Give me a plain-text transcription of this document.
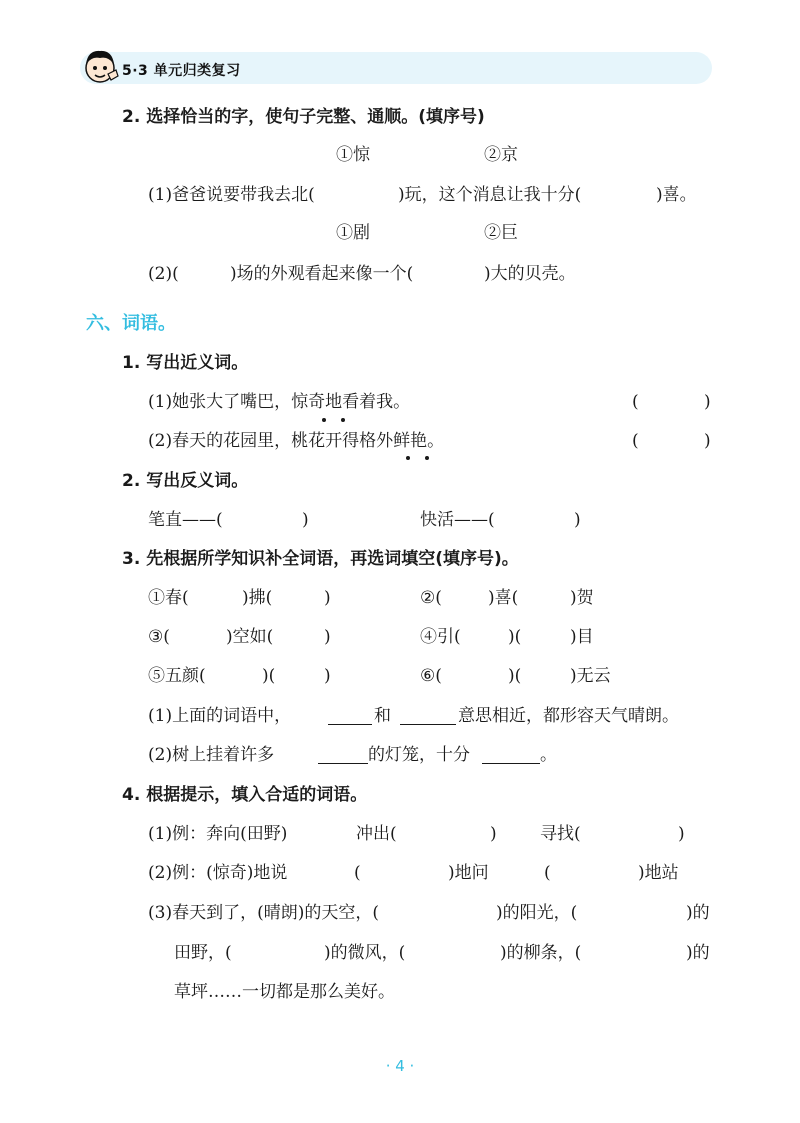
5·3 单元归类复习
2. 选择恰当的字，使句子完整、通顺。(填序号)
①惊	②京
(1)爸爸说要带我去北(	)玩，这个消息让我十分(	)喜。
①剧	②巨
(2)(	)场的外观看起来像一个(	)大的贝壳。
六、词语。
1. 写出近义词。
(1)她张大了嘴巴，惊奇地看着我。	(	)
(2)春天的花园里，桃花开得格外鲜艳。	(	)
2. 写出反义词。
笔直——(	)	快活——(	)
3. 先根据所学知识补全词语，再选词填空(填序号)。
①春(	)拂(	)	②(	)喜(	)贺
③(	)空如(	)	④引(	)(	)目
⑤五颜(	)(	)	⑥(	)(	)无云
(1)上面的词语中，	和	意思相近，都形容天气晴朗。
(2)树上挂着许多	的灯笼，十分	。
4. 根据提示，填入合适的词语。
(1)例：奔向(田野)	冲出(	)	寻找(	)
(2)例：(惊奇)地说	(	)地问	(	)地站
(3)春天到了，(晴朗)的天空，(	)的阳光，(	)的
田野，(	)的微风，(	)的柳条，(	)的
草坪……一切都是那么美好。
· 4 ·
